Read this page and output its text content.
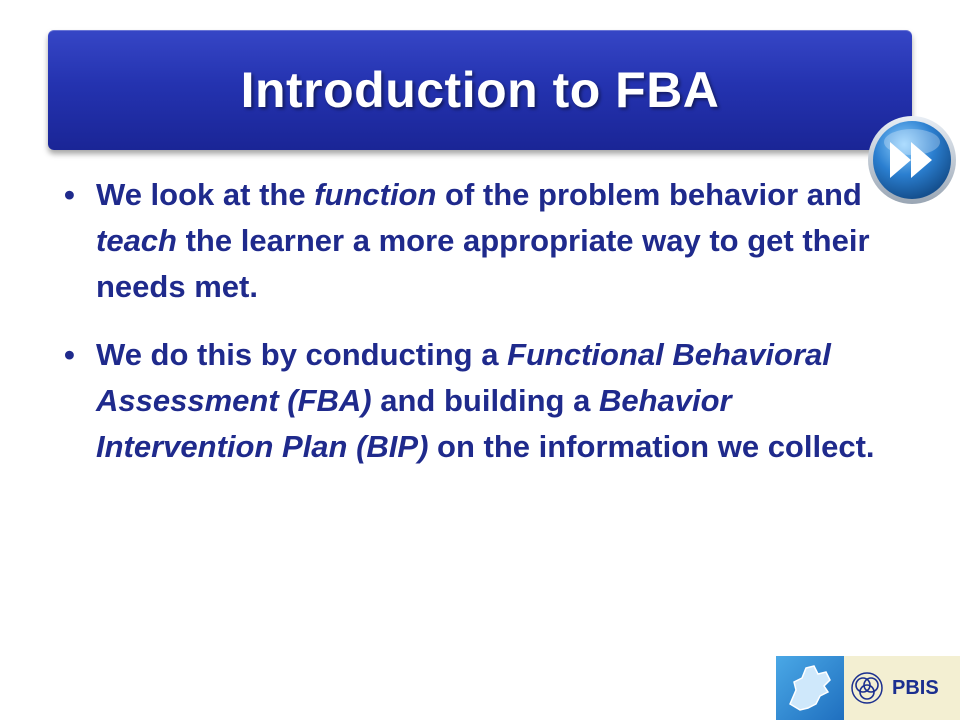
Introduction to FBA
• We look at the function of the problem behavior and teach the learner a more appropriate way to get their needs met.
• We do this by conducting a Functional Behavioral Assessment (FBA) and building a Behavior Intervention Plan (BIP) on the information we collect.
PBIS
